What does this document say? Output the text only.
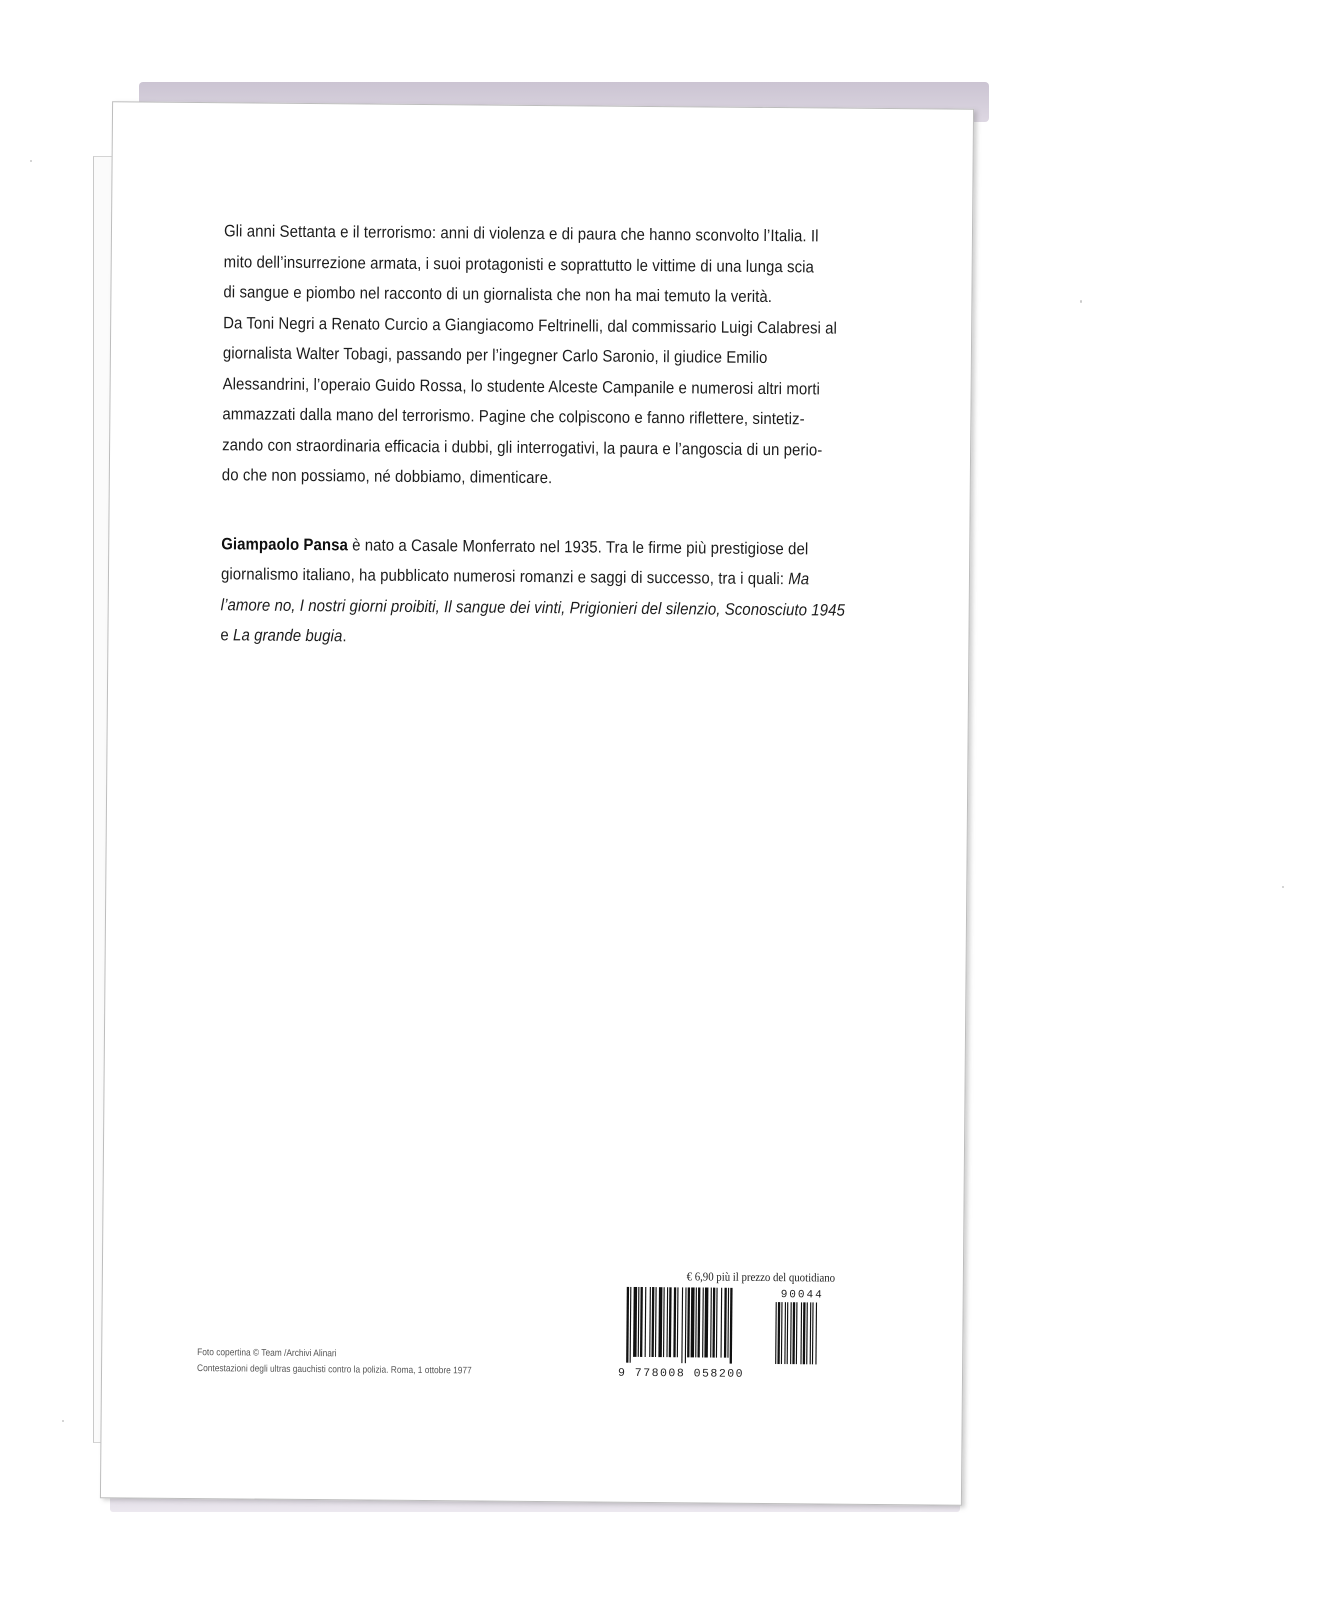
Gli anni Settanta e il terrorismo: anni di violenza e di paura che hanno sconvolto l’Italia. Il
mito dell’insurrezione armata, i suoi protagonisti e soprattutto le vittime di una lunga scia
di sangue e piombo nel racconto di un giornalista che non ha mai temuto la verità.
Da Toni Negri a Renato Curcio a Giangiacomo Feltrinelli, dal commissario Luigi Calabresi al
giornalista Walter Tobagi, passando per l’ingegner Carlo Saronio, il giudice Emilio
Alessandrini, l’operaio Guido Rossa, lo studente Alceste Campanile e numerosi altri morti
ammazzati dalla mano del terrorismo. Pagine che colpiscono e fanno riflettere, sintetiz-
zando con straordinaria efficacia i dubbi, gli interrogativi, la paura e l’angoscia di un perio-
do che non possiamo, né dobbiamo, dimenticare.

Giampaolo Pansa è nato a Casale Monferrato nel 1935. Tra le firme più prestigiose del
giornalismo italiano, ha pubblicato numerosi romanzi e saggi di successo, tra i quali: Ma
l’amore no, I nostri giorni proibiti, Il sangue dei vinti, Prigionieri del silenzio, Sconosciuto 1945
e La grande bugia.

€ 6,90 più il prezzo del quotidiano
90044
9 778008 058200
Foto copertina © Team /Archivi Alinari
Contestazioni degli ultras gauchisti contro la polizia. Roma, 1 ottobre 1977
